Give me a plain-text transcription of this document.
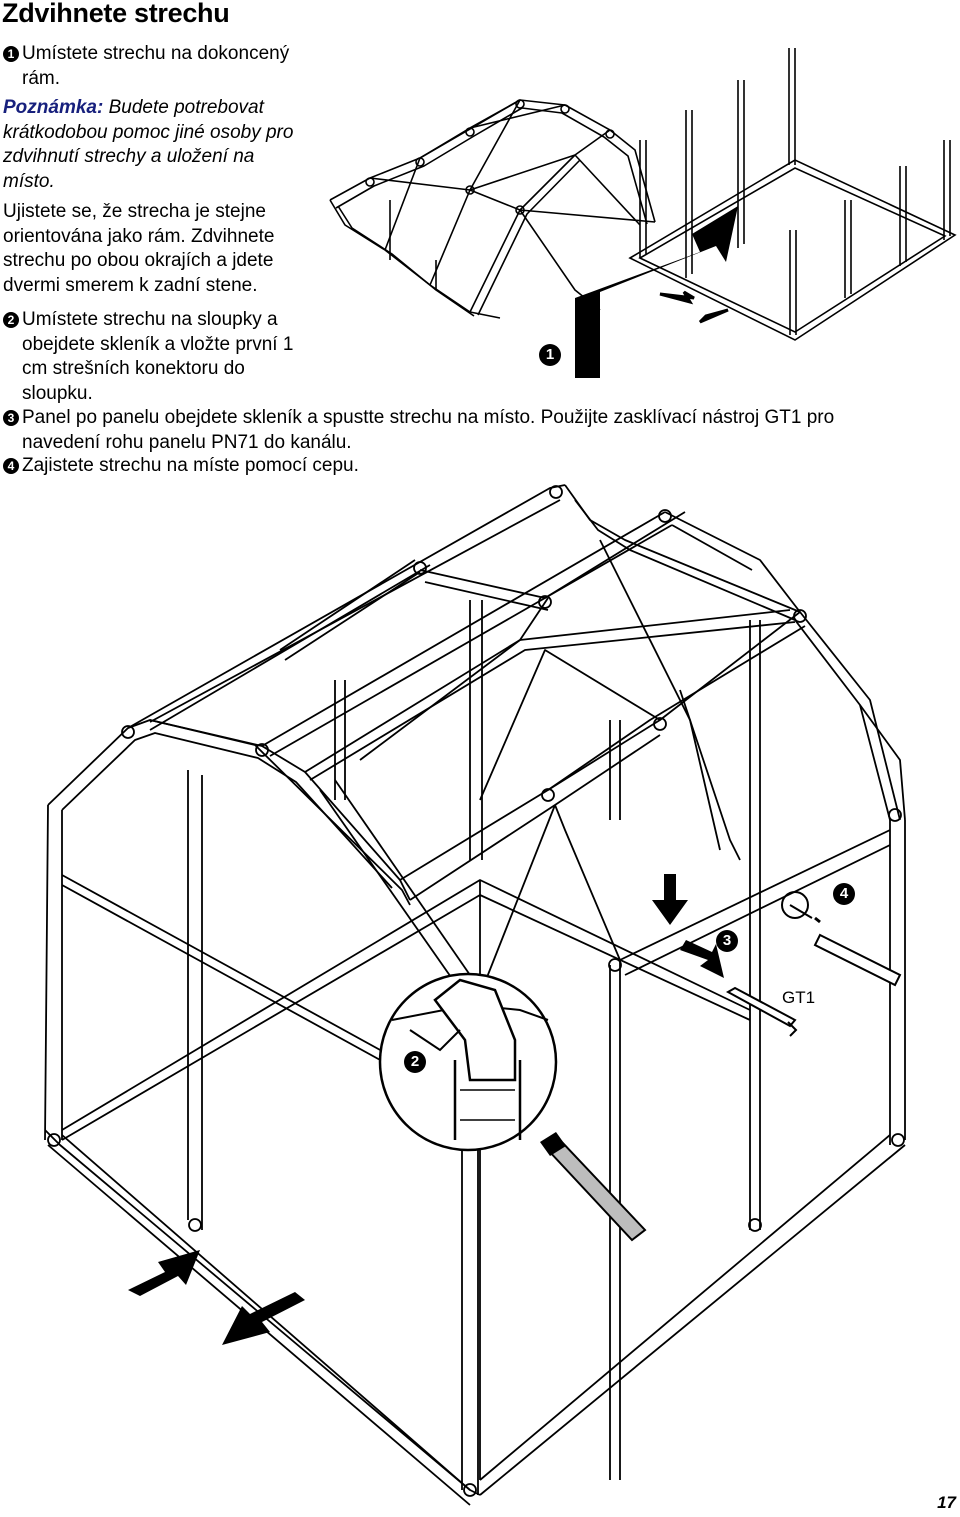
Zdvihnete strechu
1 Umístete strechu na dokoncený
rám.
Poznámka: Budete potrebovat
krátkodobou pomoc jiné osoby pro
zdvihnutí strechy a uložení na
místo.
Ujistete se, že strecha je stejne
orientována jako rám. Zdvihnete
strechu po obou okrajích a jdete
dvermi smerem k zadní stene.
2 Umístete strechu na sloupky a
obejdete skleník a vložte první 1
cm strešních konektoru do
sloupku.
3 Panel po panelu obejdete skleník a spustte strechu na místo. Použijte zasklívací nástroj GT1 pro
navedení rohu panelu PN71 do kanálu.
4 Zajistete strechu na míste pomocí cepu.
1
2
3
4
GT1
17
